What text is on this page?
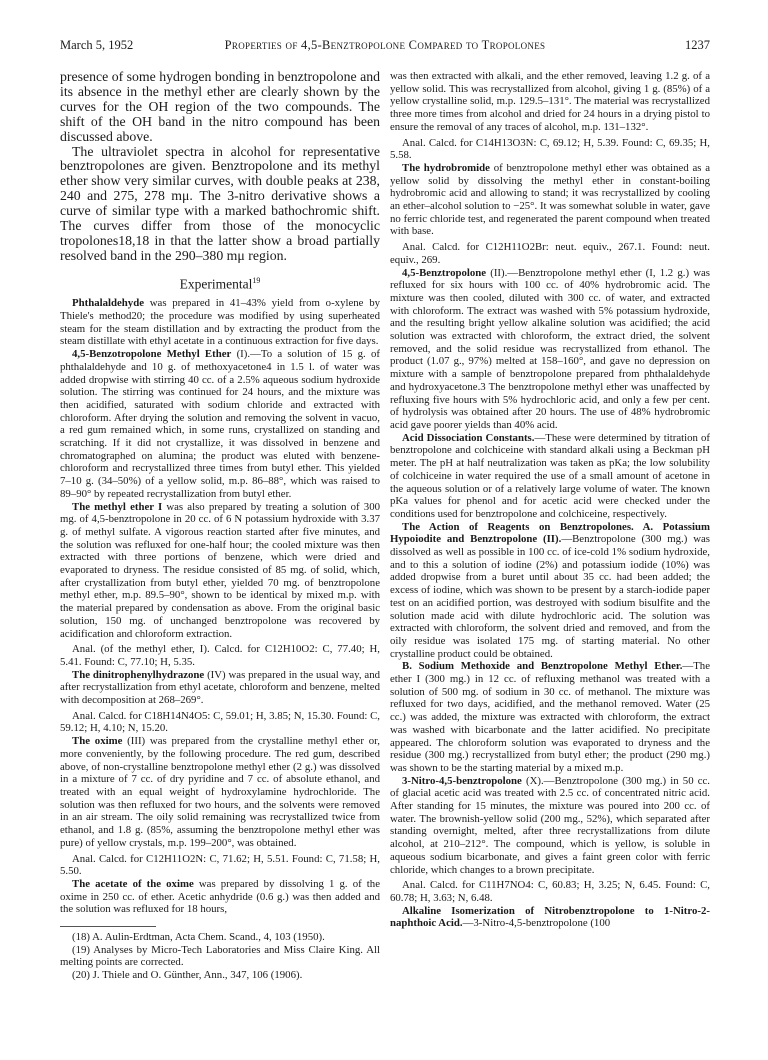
March 5, 1952	Properties of 4,5-Benztropolone Compared to Tropolones	1237

presence of some hydrogen bonding in benztropolone and its absence in the methyl ether are clearly shown by the curves for the OH region of the two compounds. The shift of the OH band in the nitro compound has been discussed above.

The ultraviolet spectra in alcohol for representative benztropolones are given. Benztropolone and its methyl ether show very similar curves, with double peaks at 238, 240 and 275, 278 mμ. The 3-nitro derivative shows a curve of similar type with a marked bathochromic shift. The curves differ from those of the monocyclic tropolones18,18 in that the latter show a broad partially resolved band in the 290–380 mμ region.

Experimental$^{19}$

Phthalaldehyde was prepared in 41–43% yield from o-xylene by Thiele's method20; the procedure was modified by using superheated steam for the steam distillation and by extracting the product from the steam distillate with ethyl acetate in a continuous extraction for five days.

4,5-Benzotropolone Methyl Ether (I).—To a solution of 15 g. of phthalaldehyde and 10 g. of methoxyacetone4 in 1.5 l. of water was added dropwise with stirring 40 cc. of a 2.5% aqueous sodium hydroxide solution. The stirring was continued for 24 hours, and the mixture was then acidified, saturated with sodium chloride and extracted with chloroform. After drying the solution and removing the solvent in vacuo, a red gum remained which, in some runs, crystallized on standing and scratching. If it did not crystallize, it was dissolved in benzene and chromatographed on alumina; the product was eluted with benzene-chloroform and recrystallized three times from butyl ether. This yielded 7–10 g. (34–50%) of a yellow solid, m.p. 86–88°, which was raised to 89–90° by repeated recrystallization from butyl ether.

The methyl ether I was also prepared by treating a solution of 300 mg. of 4,5-benztropolone in 20 cc. of 6 N potassium hydroxide with 3.37 g. of methyl sulfate. A vigorous reaction started after five minutes, and the solution was refluxed for one-half hour; the cooled mixture was then extracted with three portions of benzene, which were dried and evaporated to dryness. The residue consisted of 85 mg. of solid, which, after crystallization from butyl ether, yielded 70 mg. of benztropolone methyl ether, m.p. 89.5–90°, shown to be identical by mixed m.p. with the material prepared by condensation as above. From the original basic solution, 150 mg. of unchanged benztropolone was recovered by acidification and chloroform extraction.

Anal. (of the methyl ether, I). Calcd. for C12H10O2: C, 77.40; H, 5.41. Found: C, 77.10; H, 5.35.

The dinitrophenylhydrazone (IV) was prepared in the usual way, and after recrystallization from ethyl acetate, chloroform and benzene, melted with decomposition at 268–269°.

Anal. Calcd. for C18H14N4O5: C, 59.01; H, 3.85; N, 15.30. Found: C, 59.12; H, 4.10; N, 15.20.

The oxime (III) was prepared from the crystalline methyl ether or, more conveniently, by the following procedure. The red gum, described above, of non-crystalline benztropolone methyl ether (2 g.) was dissolved in a mixture of 7 cc. of dry pyridine and 7 cc. of absolute ethanol, and treated with an equal weight of hydroxylamine hydrochloride. The solution was then refluxed for two hours, and the solvents were removed in an air stream. The oily solid remaining was recrystallized twice from ethanol, and 1.8 g. (85%, assuming the benztropolone methyl ether was pure) of yellow crystals, m.p. 199–200°, was obtained.

Anal. Calcd. for C12H11O2N: C, 71.62; H, 5.51. Found: C, 71.58; H, 5.50.

The acetate of the oxime was prepared by dissolving 1 g. of the oxime in 250 cc. of ether. Acetic anhydride (0.6 g.) was then added and the solution was refluxed for 18 hours,

(18) A. Aulin-Erdtman, Acta Chem. Scand., 4, 103 (1950).

(19) Analyses by Micro-Tech Laboratories and Miss Claire King. All melting points are corrected.

(20) J. Thiele and O. Günther, Ann., 347, 106 (1906).

was then extracted with alkali, and the ether removed, leaving 1.2 g. of a yellow solid. This was recrystallized from alcohol, giving 1 g. (85%) of a yellow crystalline solid, m.p. 129.5–131°. The material was recrystallized three more times from alcohol and dried for 24 hours in a drying pistol to ensure the removal of any traces of alcohol, m.p. 131–132°.

Anal. Calcd. for C14H13O3N: C, 69.12; H, 5.39. Found: C, 69.35; H, 5.58.

The hydrobromide of benztropolone methyl ether was obtained as a yellow solid by dissolving the methyl ether in constant-boiling hydrobromic acid and allowing to stand; it was recrystallized by cooling an ether–alcohol solution to −25°. It was somewhat soluble in water, gave no ferric chloride test, and regenerated the parent compound when treated with base.

Anal. Calcd. for C12H11O2Br: neut. equiv., 267.1. Found: neut. equiv., 269.

4,5-Benztropolone (II).—Benztropolone methyl ether (I, 1.2 g.) was refluxed for six hours with 100 cc. of 40% hydrobromic acid. The mixture was then cooled, diluted with 300 cc. of water, and extracted with chloroform. The extract was washed with 5% potassium hydroxide, and the resulting bright yellow alkaline solution was acidified; the acid solution was extracted with chloroform, the extract dried, the solvent removed, and the solid residue was recrystallized from ethanol. The product (1.07 g., 97%) melted at 158–160°, and gave no depression on mixture with a sample of benztropolone prepared from phthalaldehyde and hydroxyacetone.3 The benztropolone methyl ether was unaffected by refluxing five hours with 5% hydrochloric acid, and only a few per cent. of hydrolysis was obtained after 20 hours. The use of 48% hydrobromic acid gave poorer yields than 40% acid.

Acid Dissociation Constants.—These were determined by titration of benztropolone and colchiceine with standard alkali using a Beckman pH meter. The pH at half neutralization was taken as pKa; the low solubility of colchiceine in water required the use of a small amount of acetone in the aqueous solution or of a relatively large volume of water. The known pKa values for phenol and for acetic acid were checked under the conditions used for benztropolone and colchiceine, respectively.

The Action of Reagents on Benztropolones. A. Potassium Hypoiodite and Benztropolone (II).—Benztropolone (300 mg.) was dissolved as well as possible in 100 cc. of ice-cold 1% sodium hydroxide, and to this a solution of iodine (2%) and potassium iodide (10%) was added dropwise from a buret until about 35 cc. had been added; the excess of iodine, which was shown to be present by a starch-iodide paper test on an acidified portion, was destroyed with sodium bisulfite and the solution made acid with dilute hydrochloric acid. The solution was extracted with chloroform, the solvent dried and removed, and from the oily residue was isolated 175 mg. of starting material. No other crystalline product could be obtained.

B. Sodium Methoxide and Benztropolone Methyl Ether.—The ether I (300 mg.) in 12 cc. of refluxing methanol was treated with a solution of 500 mg. of sodium in 30 cc. of methanol. The mixture was refluxed for two days, acidified, and the methanol removed. Water (25 cc.) was added, the mixture was extracted with chloroform, the extract was washed with bicarbonate and the latter acidified. No precipitate appeared. The chloroform solution was evaporated to dryness and the residue (300 mg.) recrystallized from butyl ether; the product (290 mg.) was shown to be the starting material by a mixed m.p.

3-Nitro-4,5-benztropolone (X).—Benztropolone (300 mg.) in 50 cc. of glacial acetic acid was treated with 2.5 cc. of concentrated nitric acid. After standing for 15 minutes, the mixture was poured into 200 cc. of water. The brownish-yellow solid (200 mg., 52%), which separated after standing overnight, melted, after three recrystallizations from dilute alcohol, at 210–212°. The compound, which is yellow, is soluble in aqueous sodium bicarbonate, and gives a faint green color with ferric chloride, which changes to a brown precipitate.

Anal. Calcd. for C11H7NO4: C, 60.83; H, 3.25; N, 6.45. Found: C, 60.78; H, 3.63; N, 6.48.

Alkaline Isomerization of Nitrobenztropolone to 1-Nitro-2-naphthoic Acid.—3-Nitro-4,5-benztropolone (100
